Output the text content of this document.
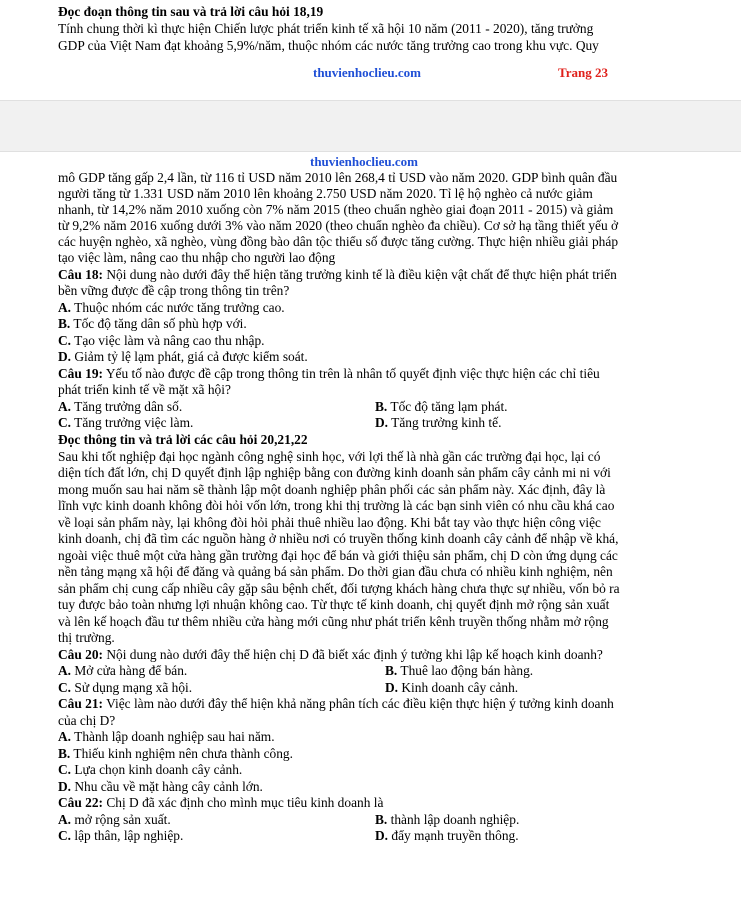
Đọc đoạn thông tin sau và trả lời câu hỏi 18,19
Tính chung thời kì thực hiện Chiến lược phát triển kinh tế xã hội 10 năm (2011 - 2020), tăng trưởng
GDP của Việt Nam đạt khoảng 5,9%/năm, thuộc nhóm các nước tăng trưởng cao trong khu vực. Quy
thuvienhoclieu.com	Trang 23
thuvienhoclieu.com
mô GDP tăng gấp 2,4 lần, từ 116 tỉ USD năm 2010 lên 268,4 tỉ USD vào năm 2020. GDP bình quân đầu
người tăng từ 1.331 USD năm 2010 lên khoảng 2.750 USD năm 2020. Tỉ lệ hộ nghèo cả nước giảm
nhanh, từ 14,2% năm 2010 xuống còn 7% năm 2015 (theo chuẩn nghèo giai đoạn 2011 - 2015) và giảm
từ 9,2% năm 2016 xuống dưới 3% vào năm 2020 (theo chuẩn nghèo đa chiều). Cơ sở hạ tầng thiết yếu ở
các huyện nghèo, xã nghèo, vùng đồng bào dân tộc thiểu số được tăng cường. Thực hiện nhiều giải pháp
tạo việc làm, nâng cao thu nhập cho người lao động
Câu 18: Nội dung nào dưới đây thể hiện tăng trưởng kinh tế là điều kiện vật chất để thực hiện phát triển
bền vững được đề cập trong thông tin trên?
A. Thuộc nhóm các nước tăng trưởng cao.
B. Tốc độ tăng dân số phù hợp với.
C. Tạo việc làm và nâng cao thu nhập.
D. Giảm tỷ lệ lạm phát, giá cả được kiểm soát.
Câu 19: Yếu tố nào được đề cập trong thông tin trên là nhân tố quyết định việc thực hiện các chỉ tiêu
phát triển kinh tế về mặt xã hội?
A. Tăng trưởng dân số.	B. Tốc độ tăng lạm phát.
C. Tăng trưởng việc làm.	D. Tăng trưởng kinh tế.
Đọc thông tin và trả lời các câu hỏi 20,21,22
Sau khi tốt nghiệp đại học ngành công nghệ sinh học, với lợi thế là nhà gần các trường đại học, lại có
diện tích đất lớn, chị D quyết định lập nghiệp bằng con đường kinh doanh sản phẩm cây cảnh mi ni với
mong muốn sau hai năm sẽ thành lập một doanh nghiệp phân phối các sản phẩm này. Xác định, đây là
lĩnh vực kinh doanh không đòi hỏi vốn lớn, trong khi thị trường là các bạn sinh viên có nhu cầu khá cao
về loại sản phẩm này, lại không đòi hỏi phải thuê nhiều lao động. Khi bắt tay vào thực hiện công việc
kinh doanh, chị đã tìm các nguồn hàng ở nhiều nơi có truyền thống kinh doanh cây cảnh để nhập về khá,
ngoài việc thuê một cửa hàng gần trường đại học để bán và giới thiệu sản phẩm, chị D còn ứng dụng các
nền tảng mạng xã hội để đăng và quảng bá sản phẩm. Do thời gian đầu chưa có nhiều kinh nghiệm, nên
sản phẩm chị cung cấp nhiều cây gặp sâu bệnh chết, đối tượng khách hàng chưa thực sự nhiều, vốn bỏ ra
tuy được bảo toàn nhưng lợi nhuận không cao. Từ thực tế kinh doanh, chị quyết định mở rộng sản xuất
và lên kế hoạch đầu tư thêm nhiều cửa hàng mới cũng như phát triển kênh truyền thống nhằm mở rộng
thị trường.
Câu 20: Nội dung nào dưới đây thể hiện chị D đã biết xác định ý tưởng khi lập kế hoạch kinh doanh?
A. Mở cửa hàng để bán.	B. Thuê lao động bán hàng.
C. Sử dụng mạng xã hội.	D. Kinh doanh cây cảnh.
Câu 21: Việc làm nào dưới đây thể hiện khả năng phân tích các điều kiện thực hiện ý tưởng kinh doanh
của chị D?
A. Thành lập doanh nghiệp sau hai năm.
B. Thiếu kinh nghiệm nên chưa thành công.
C. Lựa chọn kinh doanh cây cảnh.
D. Nhu cầu về mặt hàng cây cảnh lớn.
Câu 22: Chị D đã xác định cho mình mục tiêu kinh doanh là
A. mở rộng sản xuất.	B. thành lập doanh nghiệp.
C. lập thân, lập nghiệp.	D. đẩy mạnh truyền thông.
